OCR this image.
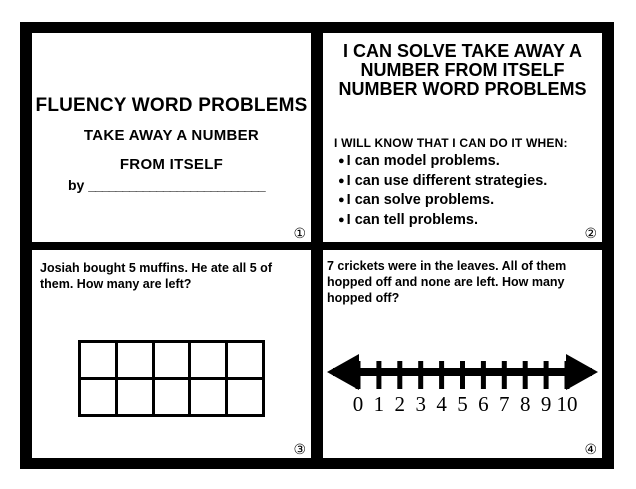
FLUENCY WORD PROBLEMS
TAKE AWAY A NUMBER
FROM ITSELF
by __________________________
①
I CAN SOLVE TAKE AWAY A
NUMBER FROM ITSELF
NUMBER WORD PROBLEMS
I WILL KNOW THAT I CAN DO IT WHEN:
● I can model problems.
● I can use different strategies.
● I can solve problems.
● I can tell problems.
②

Josiah bought 5 muffins. He ate all 5 of them. How many are left?

③

7 crickets were in the leaves. All of them hopped off and none are left. How many hopped off?

0 1 2 3 4 5 6 7 8 9 10
④
